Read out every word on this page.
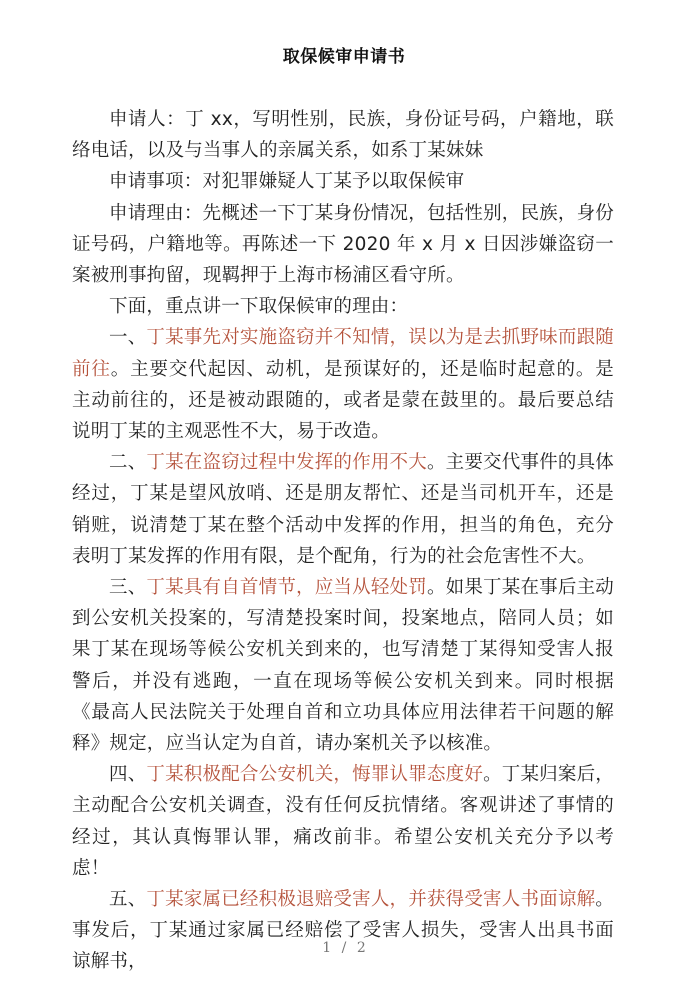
取保候审申请书

申请人：丁 xx，写明性别，民族，身份证号码，户籍地，联络电话，以及与当事人的亲属关系，如系丁某妹妹

申请事项：对犯罪嫌疑人丁某予以取保候审

申请理由：先概述一下丁某身份情况，包括性别，民族，身份证号码，户籍地等。再陈述一下 2020 年 x 月 x 日因涉嫌盗窃一案被刑事拘留，现羁押于上海市杨浦区看守所。

下面，重点讲一下取保候审的理由：

一、丁某事先对实施盗窃并不知情，误以为是去抓野味而跟随前往。主要交代起因、动机，是预谋好的，还是临时起意的。是主动前往的，还是被动跟随的，或者是蒙在鼓里的。最后要总结说明丁某的主观恶性不大，易于改造。

二、丁某在盗窃过程中发挥的作用不大。主要交代事件的具体经过，丁某是望风放哨、还是朋友帮忙、还是当司机开车，还是销赃，说清楚丁某在整个活动中发挥的作用，担当的角色，充分表明丁某发挥的作用有限，是个配角，行为的社会危害性不大。

三、丁某具有自首情节，应当从轻处罚。如果丁某在事后主动到公安机关投案的，写清楚投案时间，投案地点，陪同人员；如果丁某在现场等候公安机关到来的，也写清楚丁某得知受害人报警后，并没有逃跑，一直在现场等候公安机关到来。同时根据《最高人民法院关于处理自首和立功具体应用法律若干问题的解释》规定，应当认定为自首，请办案机关予以核准。

四、丁某积极配合公安机关，悔罪认罪态度好。丁某归案后，主动配合公安机关调查，没有任何反抗情绪。客观讲述了事情的经过，其认真悔罪认罪，痛改前非。希望公安机关充分予以考虑！

五、丁某家属已经积极退赔受害人，并获得受害人书面谅解。事发后，丁某通过家属已经赔偿了受害人损失，受害人出具书面谅解书，

1 / 2
